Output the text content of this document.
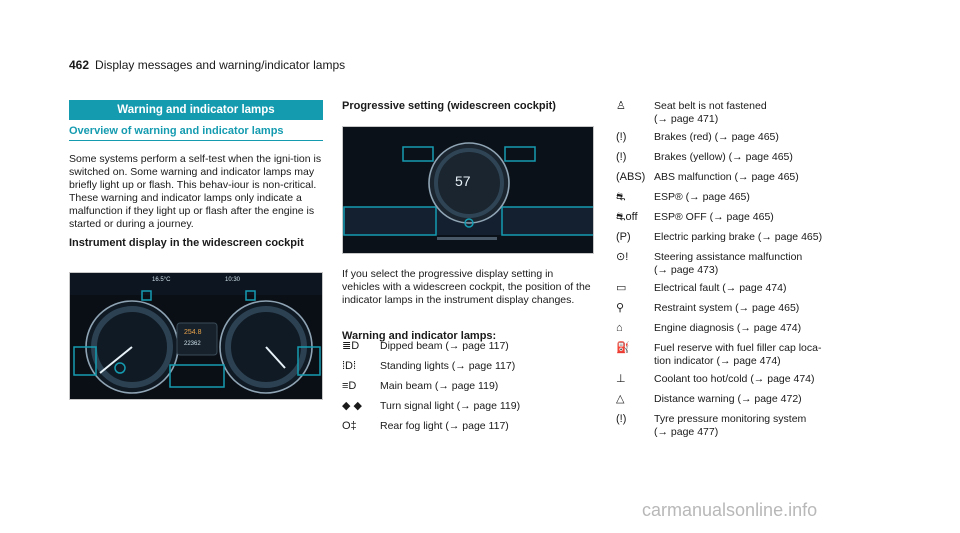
462 Display messages and warning/indicator lamps
Warning and indicator lamps
Overview of warning and indicator lamps
Some systems perform a self-test when the igni-tion is switched on. Some warning and indicator lamps may briefly light up or flash. This behav-iour is non-critical. These warning and indicator lamps only indicate a malfunction if they light up or flash after the engine is started or during a journey.
Instrument display in the widescreen cockpit
16.5°C	10:30
254.8
22362
Progressive setting (widescreen cockpit)
57
If you select the progressive display setting in vehicles with a widescreen cockpit, the position of the indicator lamps in the instrument display changes.
Warning and indicator lamps:
≣D	Dipped beam (→ page 117)
⁞D⁞	Standing lights (→ page 117)
≡D	Main beam (→ page 119)
◆ ◆	Turn signal light (→ page 119)
O‡	Rear fog light (→ page 117)
♙	Seat belt is not fastened
(→ page 471)
(!)	Brakes (red) (→ page 465)
(!)	Brakes (yellow) (→ page 465)
(ABS) ABS malfunction (→ page 465)
⛐	ESP® (→ page 465)
⛐off	ESP® OFF (→ page 465)
(P)	Electric parking brake (→ page 465)
⊙!	Steering assistance malfunction
(→ page 473)
▭	Electrical fault (→ page 474)
⚲	Restraint system (→ page 465)
⌂	Engine diagnosis (→ page 474)
⛽	Fuel reserve with fuel filler cap loca-
tion indicator (→ page 474)
⊥	Coolant too hot/cold (→ page 474)
△	Distance warning (→ page 472)
(!)	Tyre pressure monitoring system
(→ page 477)
carmanualsonline.info
